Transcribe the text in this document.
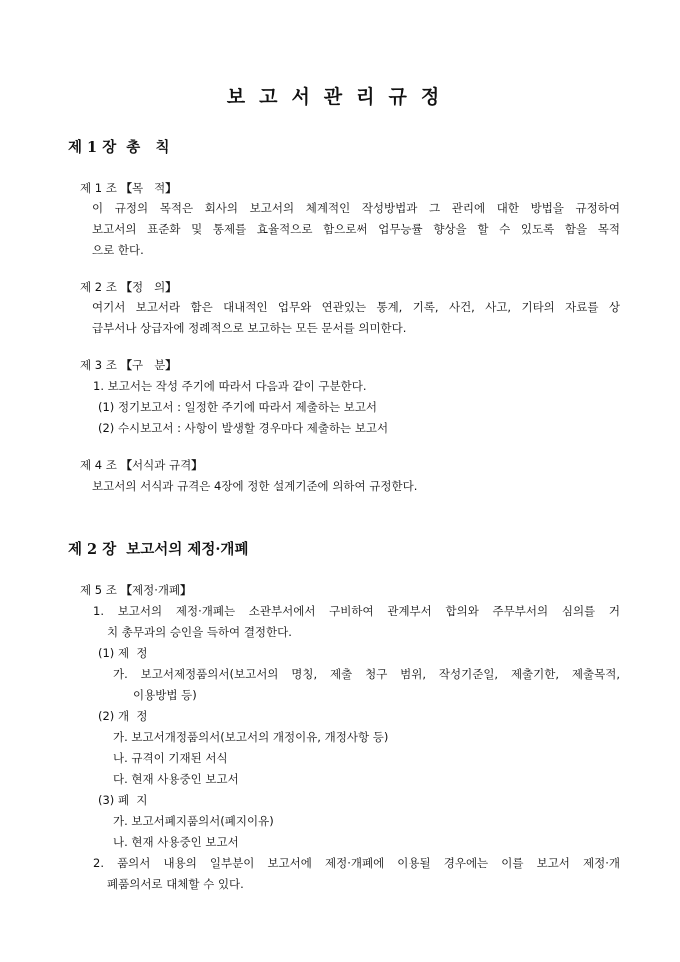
보고서관리규정
제 1 장  총   칙
제 1 조 【목   적】
이 규정의 목적은 회사의 보고서의 체계적인 작성방법과 그 관리에 대한 방법을 규정하여
보고서의 표준화 및 통제를 효율적으로 함으로써 업무능률 향상을 할 수 있도록 함을 목적
으로 한다.
제 2 조 【정   의】
여기서 보고서라 함은 대내적인 업무와 연관있는 통계, 기록, 사건, 사고, 기타의 자료를 상
급부서나 상급자에 정례적으로 보고하는 모든 문서를 의미한다.
제 3 조 【구   분】
1. 보고서는 작성 주기에 따라서 다음과 같이 구분한다.
(1) 정기보고서 : 일정한 주기에 따라서 제출하는 보고서
(2) 수시보고서 : 사항이 발생할 경우마다 제출하는 보고서
제 4 조 【서식과 규격】
보고서의 서식과 규격은 4장에 정한 설계기준에 의하여 규정한다.
제 2 장  보고서의 제정·개폐
제 5 조 【제정·개폐】
1. 보고서의 제정·개폐는 소관부서에서 구비하여 관계부서 합의와 주무부서의 심의를 거
치 총무과의 승인을 득하여 결정한다.
(1) 제  정
가. 보고서제정품의서(보고서의 명칭, 제출 청구 범위, 작성기준일, 제출기한, 제출목적,
이용방법 등)
(2) 개  정
가. 보고서개정품의서(보고서의 개정이유, 개정사항 등)
나. 규격이 기재된 서식
다. 현재 사용중인 보고서
(3) 폐  지
가. 보고서폐지품의서(폐지이유)
나. 현재 사용중인 보고서
2. 품의서 내용의 일부분이 보고서에 제정·개폐에 이용될 경우에는 이를 보고서 제정·개
폐품의서로 대체할 수 있다.
